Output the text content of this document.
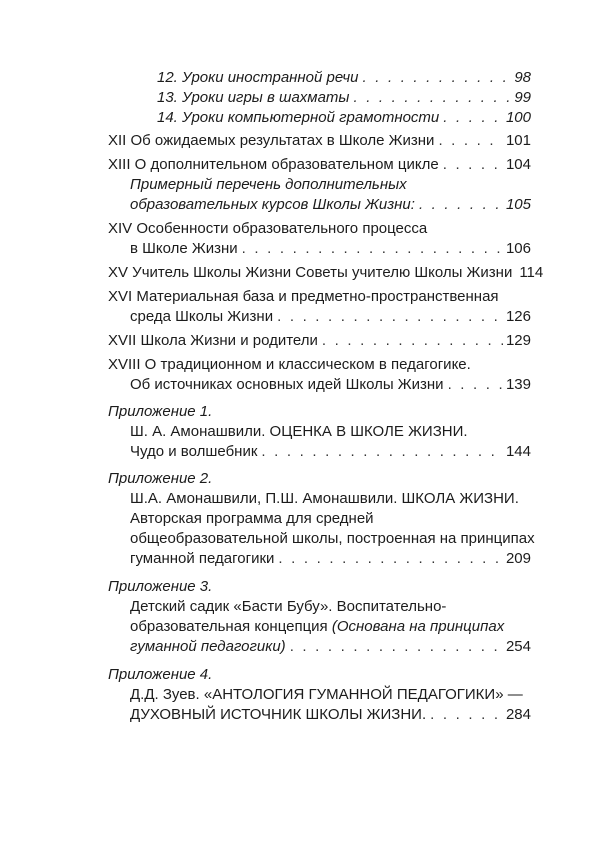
12. Уроки иностранной речи . . .	98
13. Уроки игры в шахматы . . .	99
14. Уроки компьютерной грамотности . . .	100
XII Об ожидаемых результатах в Школе Жизни . . .	101
XIII О дополнительном образовательном цикле . . .	104
Примерный перечень дополнительных
образовательных курсов Школы Жизни: . . .	105
XIV Особенности образовательного процесса
в Школе Жизни . . .	106
XV Учитель Школы Жизни Советы учителю Школы Жизни 114
XVI Материальная база и предметно-пространственная
среда Школы Жизни . . .	126
XVII Школа Жизни и родители . . .	129
XVIII О традиционном и классическом в педагогике.
Об источниках основных идей Школы Жизни . . .	139
Приложение 1.
Ш. А. Амонашвили. ОЦЕНКА В ШКОЛЕ ЖИЗНИ.
Чудо и волшебник . . .	144
Приложение 2.
Ш.А. Амонашвили, П.Ш. Амонашвили. ШКОЛА ЖИЗНИ.
Авторская программа для средней
общеобразовательной школы, построенная на принципах
гуманной педагогики . . .	209
Приложение 3.
Детский садик «Басти Бубу». Воспитательно-
образовательная концепция (Основана на принципах
гуманной педагогики) . . .	254
Приложение 4.
Д.Д. Зуев. «АНТОЛОГИЯ ГУМАННОЙ ПЕДАГОГИКИ» —
ДУХОВНЫЙ ИСТОЧНИК ШКОЛЫ ЖИЗНИ. . . .	284
